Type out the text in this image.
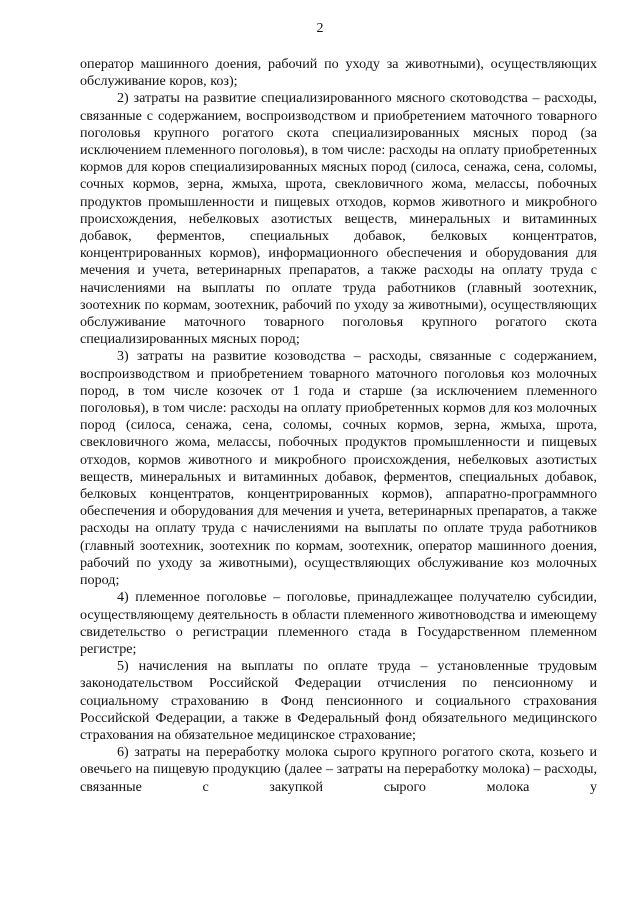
2

оператор машинного доения, рабочий по уходу за животными), осуществляющих обслуживание коров, коз);

2) затраты на развитие специализированного мясного скотоводства – расходы, связанные с содержанием, воспроизводством и приобретением маточного товарного поголовья крупного рогатого скота специализированных мясных пород (за исключением племенного поголовья), в том числе: расходы на оплату приобретенных кормов для коров специализированных мясных пород (силоса, сенажа, сена, соломы, сочных кормов, зерна, жмыха, шрота, свекловичного жома, мелассы, побочных продуктов промышленности и пищевых отходов, кормов животного и микробного происхождения, небелковых азотистых веществ, минеральных и витаминных добавок, ферментов, специальных добавок, белковых концентратов, концентрированных кормов), информационного обеспечения и оборудования для мечения и учета, ветеринарных препаратов, а также расходы на оплату труда с начислениями на выплаты по оплате труда работников (главный зоотехник, зоотехник по кормам, зоотехник, рабочий по уходу за животными), осуществляющих обслуживание маточного товарного поголовья крупного рогатого скота специализированных мясных пород;

3) затраты на развитие козоводства – расходы, связанные с содержанием, воспроизводством и приобретением товарного маточного поголовья коз молочных пород, в том числе козочек от 1 года и старше (за исключением племенного поголовья), в том числе: расходы на оплату приобретенных кормов для коз молочных пород (силоса, сенажа, сена, соломы, сочных кормов, зерна, жмыха, шрота, свекловичного жома, мелассы, побочных продуктов промышленности и пищевых отходов, кормов животного и микробного происхождения, небелковых азотистых веществ, минеральных и витаминных добавок, ферментов, специальных добавок, белковых концентратов, концентрированных кормов), аппаратно-программного обеспечения и оборудования для мечения и учета, ветеринарных препаратов, а также расходы на оплату труда с начислениями на выплаты по оплате труда работников (главный зоотехник, зоотехник по кормам, зоотехник, оператор машинного доения, рабочий по уходу за животными), осуществляющих обслуживание коз молочных пород;

4) племенное поголовье – поголовье, принадлежащее получателю субсидии, осуществляющему деятельность в области племенного животноводства и имеющему свидетельство о регистрации племенного стада в Государственном племенном регистре;

5) начисления на выплаты по оплате труда – установленные трудовым законодательством Российской Федерации отчисления по пенсионному и социальному страхованию в Фонд пенсионного и социального страхования Российской Федерации, а также в Федеральный фонд обязательного медицинского страхования на обязательное медицинское страхование;

6) затраты на переработку молока сырого крупного рогатого скота, козьего и овечьего на пищевую продукцию (далее – затраты на переработку молока) – расходы, связанные с закупкой сырого молока у
